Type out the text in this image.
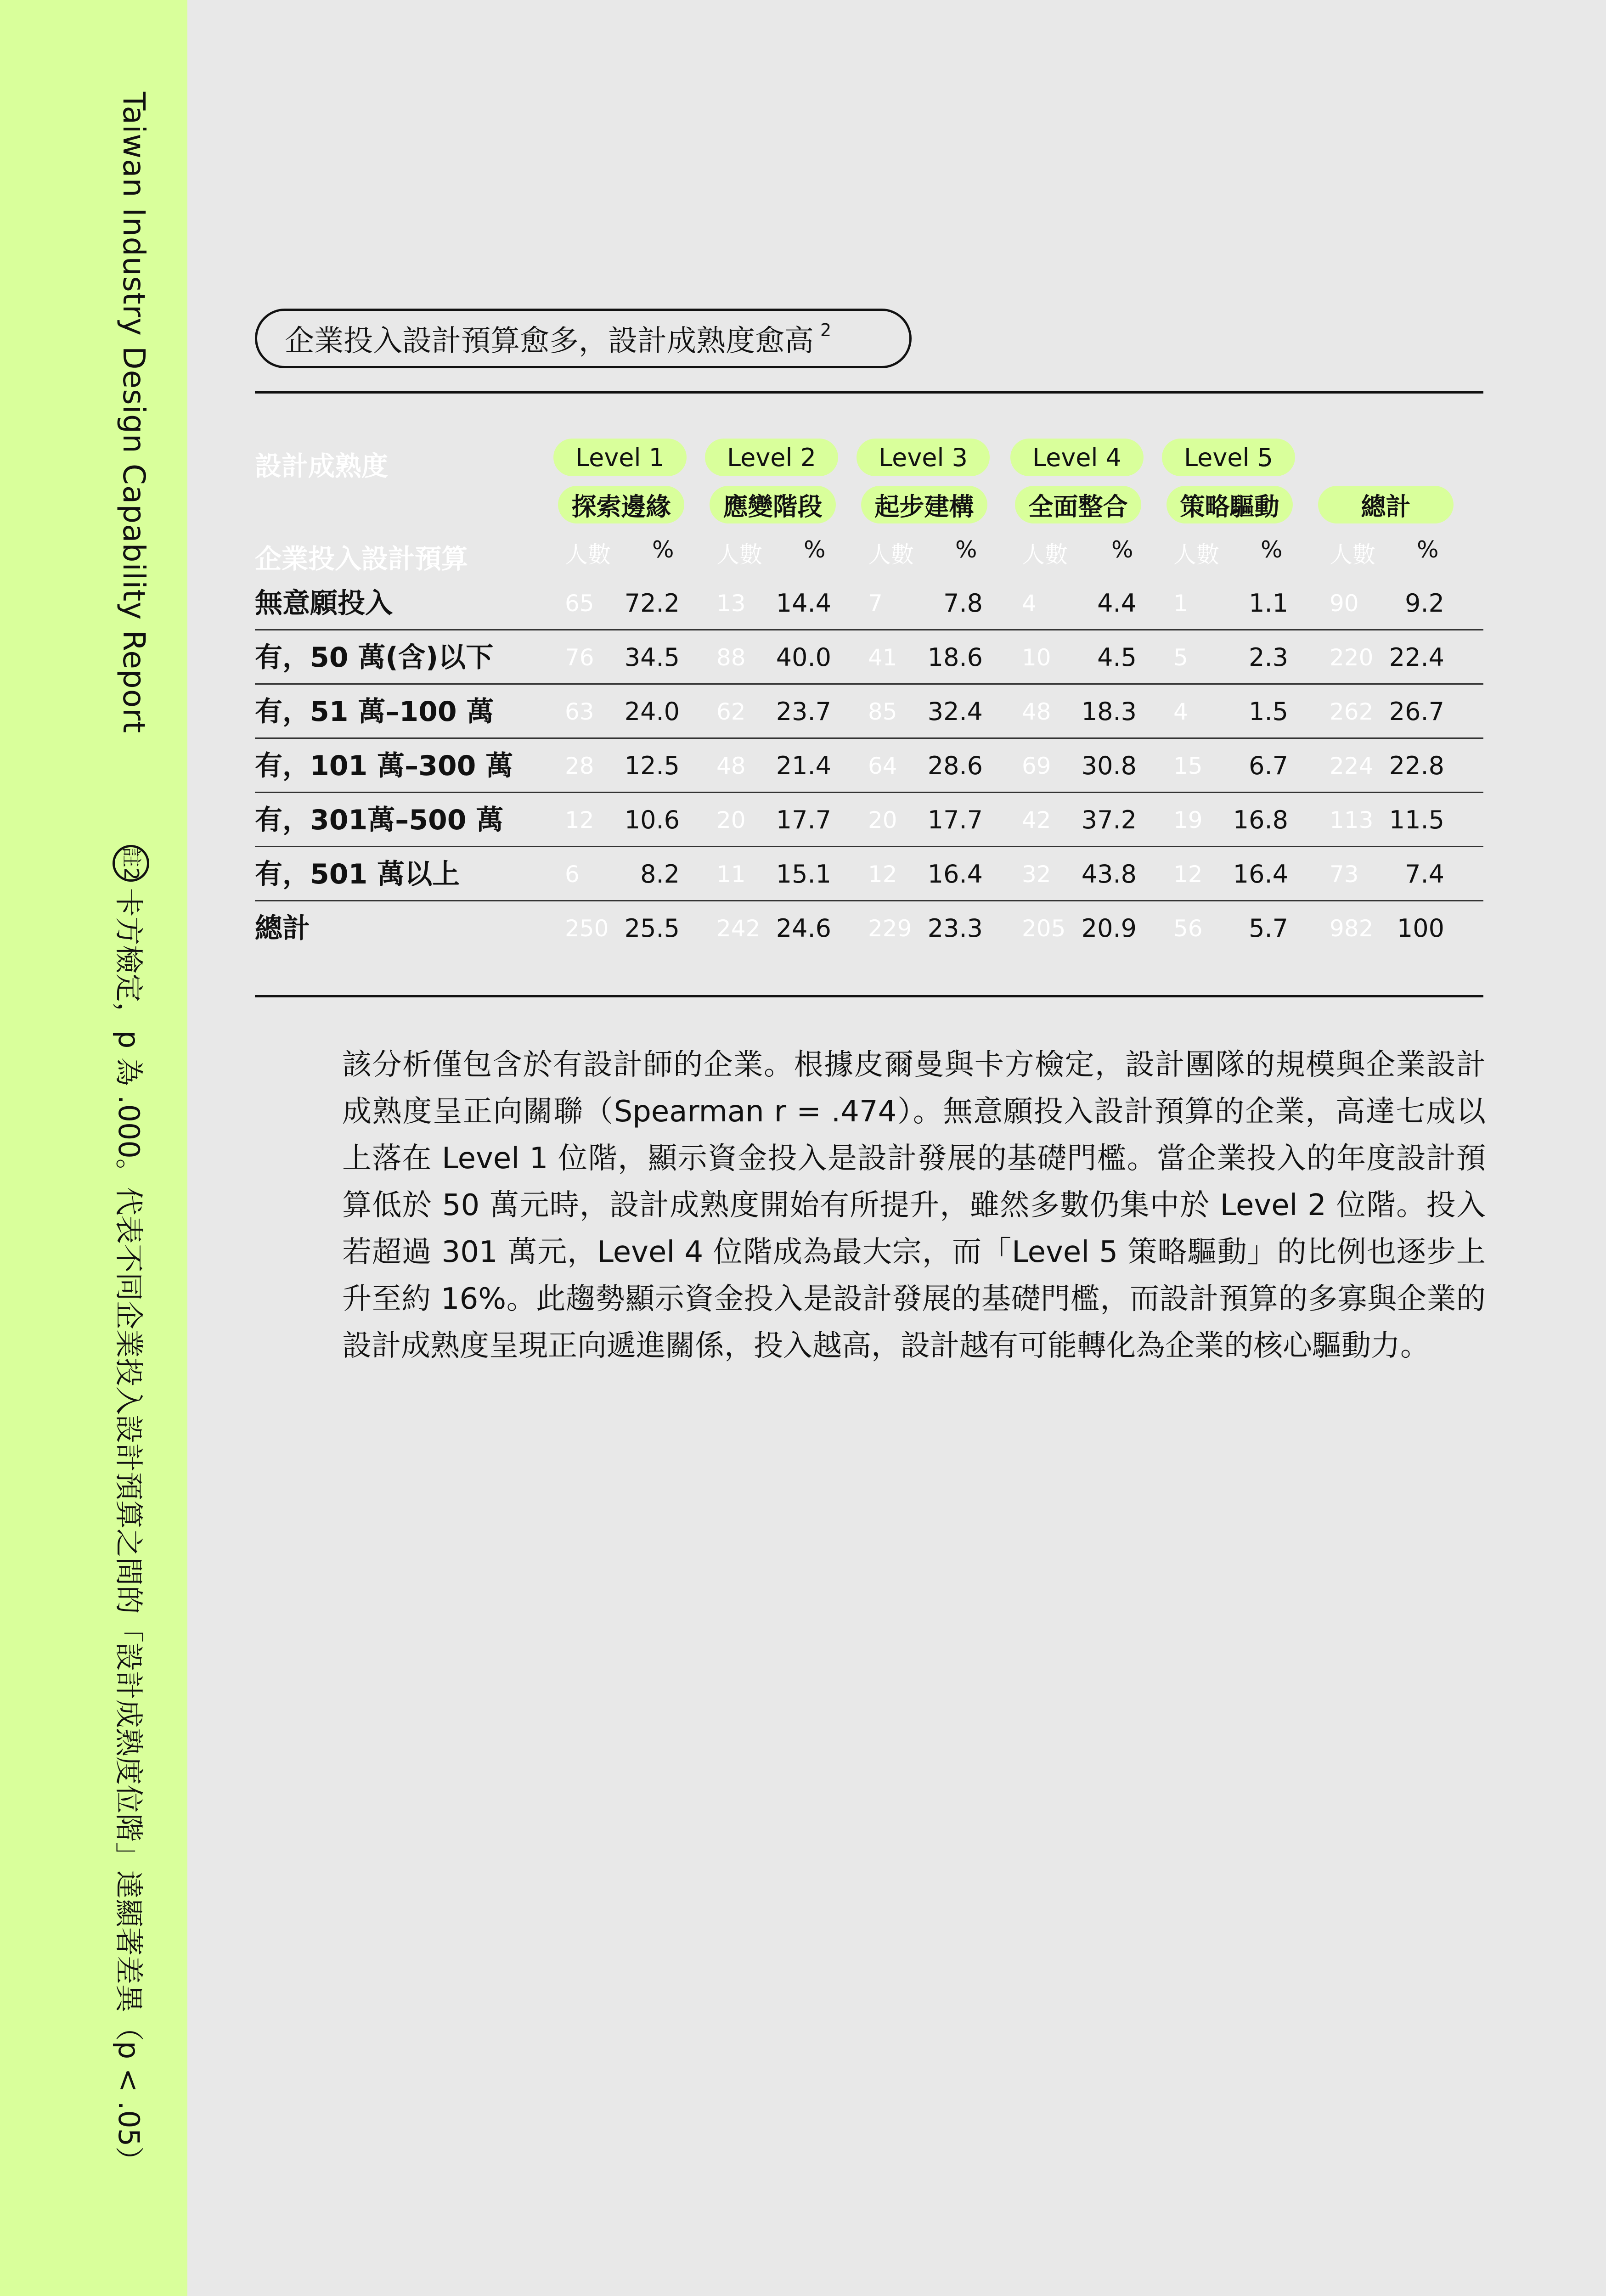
Taiwan Industry Design Capability Report
註2
卡方檢定，p 為 .000。代表不同企業投入設計預算之間的「設計成熟度位階」達顯著差異（p < .05）
企業投入設計預算愈多，設計成熟度愈高 $^2$
設計成熟度
企業投入設計預算
Level 1	Level 2	Level 3	Level 4	Level 5
探索邊緣	應變階段	起步建構	全面整合	策略驅動	總計
人數 % 人數 % 人數 % 人數 % 人數 % 人數 %
無意願投入	65	72.2 13	14.4 7	7.8 4	4.4 1	1.1 90	9.2
有，50 萬(含)以下	76	34.5 88	40.0 41	18.6 10	4.5 5	2.3 220 22.4
有，51 萬–100 萬	63	24.0 62	23.7 85	32.4 48	18.3 4	1.5 262 26.7
有，101 萬–300 萬 28	12.5 48	21.4 64	28.6 69	30.8 15	6.7 224 22.8
有，301萬–500 萬	12	10.6 20	17.7 20	17.7 42	37.2 19	16.8 113 11.5
有，501 萬以上	6	8.2 11	15.1 12	16.4 32	43.8 12	16.4 73	7.4
總計	250 25.5 242 24.6 229 23.3 205 20.9 56	5.7 982 100
該分析僅包含於有設計師的企業。根據皮爾曼與卡方檢定，設計團隊的規模與企業設計成熟度呈正向關聯（Spearman r = .474）。無意願投入設計預算的企業，高達七成以上落在 Level 1 位階，顯示資金投入是設計發展的基礎門檻。當企業投入的年度設計預算低於 50 萬元時，設計成熟度開始有所提升，雖然多數仍集中於 Level 2 位階。投入若超過 301 萬元，Level 4 位階成為最大宗，而「Level 5 策略驅動」的比例也逐步上升至約 16%。此趨勢顯示資金投入是設計發展的基礎門檻，而設計預算的多寡與企業的設計成熟度呈現正向遞進關係，投入越高，設計越有可能轉化為企業的核心驅動力。
